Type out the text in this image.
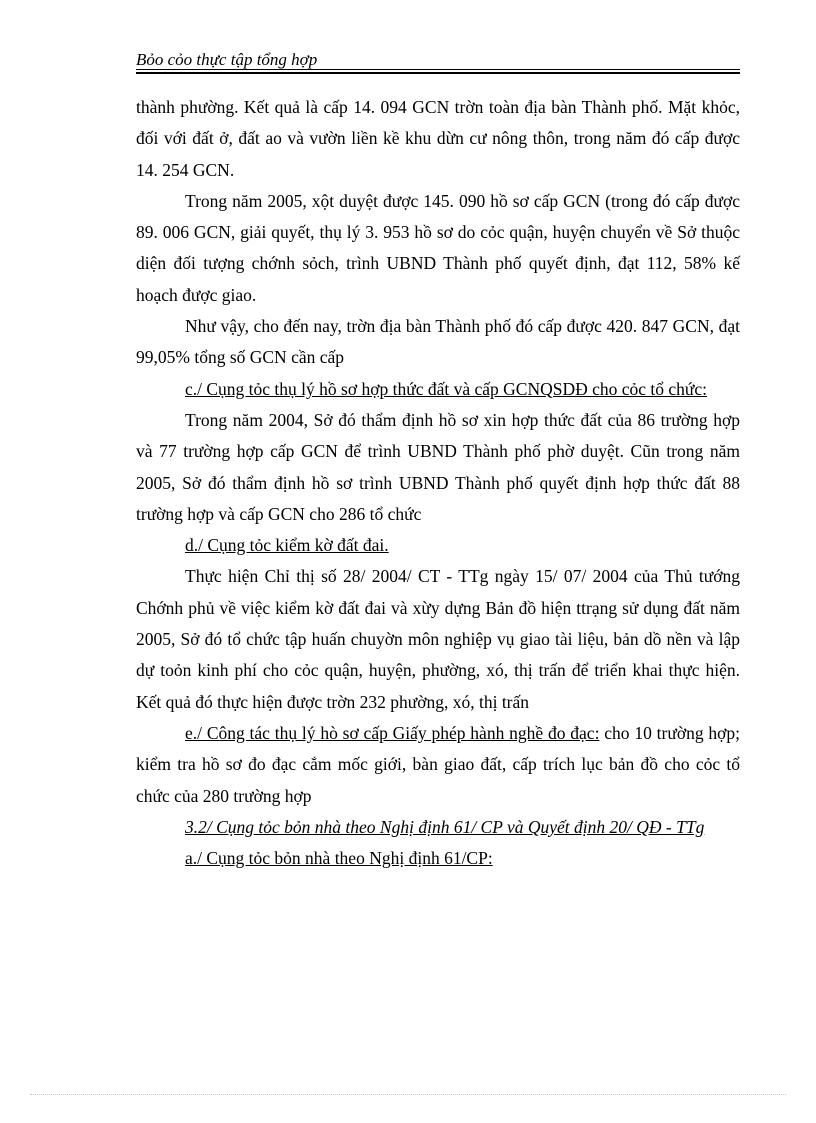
Bỏo cỏo thực tập tổng hợp

thành phường. Kết quả là cấp 14. 094 GCN trờn toàn địa bàn Thành phố. Mặt khỏc, đối với đất ở, đất ao và vườn liền kề khu dừn cư nông thôn, trong năm đó cấp được 14. 254 GCN.

Trong năm 2005, xột duyệt được 145. 090 hồ sơ cấp GCN (trong đó cấp được 89. 006 GCN, giải quyết, thụ lý 3. 953 hồ sơ do cỏc quận, huyện chuyển về Sở thuộc diện đối tượng chớnh sỏch, trình UBND Thành phố quyết định, đạt 112, 58% kế hoạch được giao.

Như vậy, cho đến nay, trờn địa bàn Thành phố đó cấp được 420. 847 GCN, đạt 99,05% tổng số GCN cần cấp

c./ Cụng tỏc thụ lý hồ sơ hợp thức đất và cấp GCNQSDĐ cho cỏc tổ chức:

Trong năm 2004, Sở đó thẩm định hồ sơ xin hợp thức đất của 86 trường hợp và 77 trường hợp cấp GCN để trình UBND Thành phố phờ duyệt. Cũn trong năm 2005, Sở đó thẩm định hồ sơ trình UBND Thành phố quyết định hợp thức đất 88 trường hợp và cấp GCN cho 286 tổ chức

d./ Cụng tỏc kiểm kờ đất đai.

Thực hiện Chỉ thị số 28/ 2004/ CT - TTg ngày 15/ 07/ 2004 của Thủ tướng Chớnh phủ về việc kiểm kờ đất đai và xừy dựng Bản đồ hiện ttrạng sử dụng đất năm 2005, Sở đó tổ chức tập huấn chuyờn môn nghiệp vụ giao tài liệu, bản dồ nền và lập dự toỏn kinh phí cho cỏc quận, huyện, phường, xó, thị trấn để triển khai thực hiện. Kết quả đó thực hiện được trờn 232 phường, xó, thị trấn

e./ Công tác thụ lý hò sơ cấp Giấy phép hành nghề đo đạc: cho 10 trường hợp; kiểm tra hồ sơ đo đạc cắm mốc giới, bàn giao đất, cấp trích lục bản đồ cho cỏc tổ chức của 280 trường hợp

3.2/ Cụng tỏc bỏn nhà theo Nghị định 61/ CP và Quyết định 20/ QĐ - TTg

a./ Cụng tỏc bỏn nhà theo Nghị định 61/CP:
